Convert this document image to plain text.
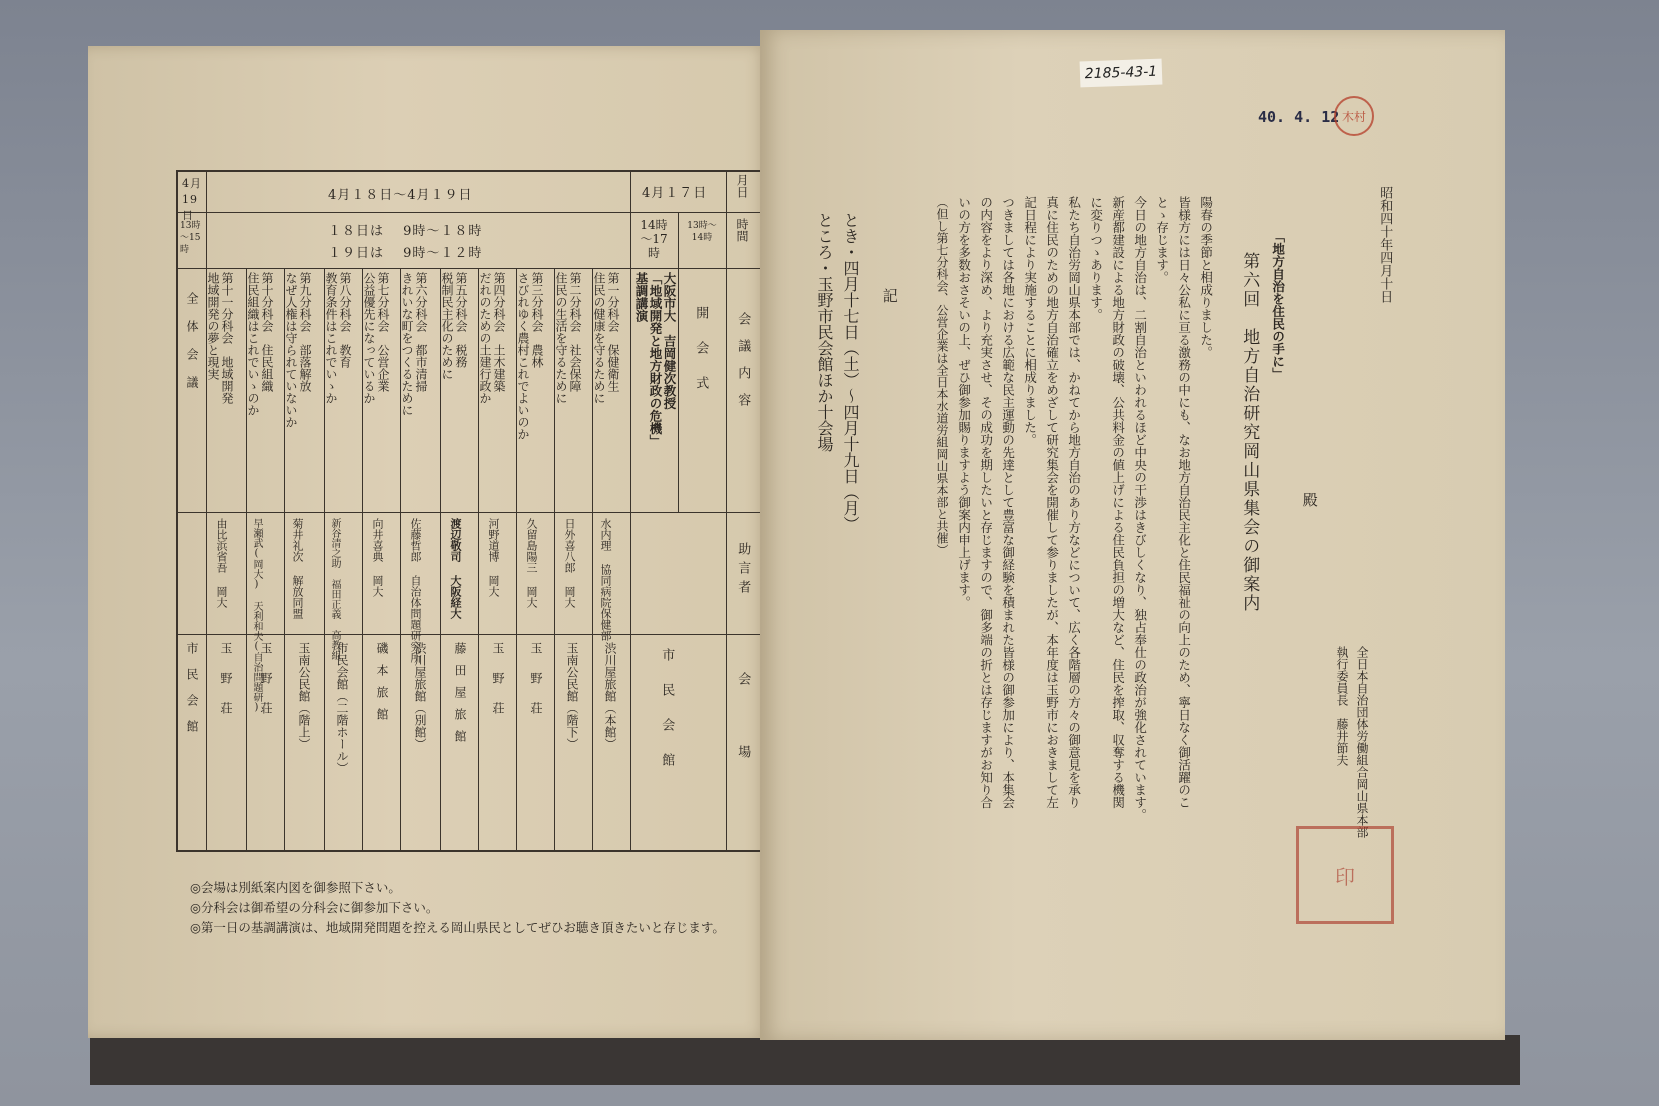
4月19日
4月１８日～4月１９日	4月１７日 月日
13時～15時
１８日は　 9時～１８時
１９日は　 9時～１２時
14時～17時
13時～14時	時間
会議内容
助言者
会場
開会式
基調講演 「地域開発と地方財政の危機」 大阪市大　吉岡健次教授
市民会館
第一分科会　保健衛生
住民の健康を守るために
水内理 協同病院保健部
渋川屋旅館（本館）
第二分科会　社会保障
住民の生活を守るために
日外喜八郎 岡大
玉南公民館（階下）
第三分科会　農林
さびれゆく農村これでよいのか
久留島陽三 岡大
玉野荘
第四分科会　土木建築
だれのための土建行政か
河野道博 岡大
玉野荘
第五分科会　税務
税制民主化のために
渡辺敬司 大阪経大
藤田屋旅館
第六分科会　都市清掃
きれいな町をつくるために
佐藤哲郎 自治体問題研究所
渋川屋旅館（別館）
第七分科会　公営企業
公益優先になっているか
向井喜典 岡大
磯本旅館
第八分科会　教育
教育条件はこれでいゝか
新谷清之助 福田正義 高教組
市民会館（二階ホール）
第九分科会　部落解放
なぜ人権は守られていないか
菊井礼次 解放同盟
玉南公民館（階上）
第十分科会　住民組織
住民組織はこれでいゝのか
早瀬武(岡大) 天利和夫(自治問題研)
玉野荘
第十一分科会　地域開発
地域開発の夢と現実
由比浜省吾 岡大
玉野荘
全体会議
市民会館
◎会場は別紙案内図を御参照下さい。
◎分科会は御希望の分科会に御参加下さい。
◎第一日の基調講演は、地域開発問題を控える岡山県民としてぜひお聴き頂きたいと存じます。
2185-43-1
40. 4. 12 木村
昭和四十年四月十日
殿
「地方自治を住民の手に」
第六回　地方自治研究岡山県集会の御案内
全日本自治団体労働組合岡山県本部
執行委員長　藤井節夫
印
陽春の季節と相成りました。
皆様方には日々公私に亘る激務の中にも、なお地方自治民主化と住民福祉の向上のため、寧日なく御活躍のこ
とゝ存じます。
今日の地方自治は、二割自治といわれるほど中央の干渉はきびしくなり、独占奉仕の政治が強化されています。
新産都建設による地方財政の破壊、公共料金の値上げによる住民負担の増大など、住民を搾取、収奪する機関
に変りつゝあります。
私たち自治労岡山県本部では、かねてから地方自治のあり方などについて、広く各階層の方々の御意見を承り
真に住民のための地方自治確立をめざして研究集会を開催して参りましたが、本年度は玉野市におきまして左
記日程により実施することに相成りました。
つきましては各地における広範な民主運動の先達として豊富な御経験を積まれた皆様の御参加により、本集会
の内容をより深め、より充実させ、その成功を期したいと存じますので、御多端の折とは存じますがお知り合
いの方を多数おさそいの上、ぜひ御参加賜りますよう御案内申上げます。
（但し第七分科会、公営企業は全日本水道労組岡山県本部と共催）
記
とき・四月十七日（土）～四月十九日（月）
ところ・玉野市民会館ほか十会場
